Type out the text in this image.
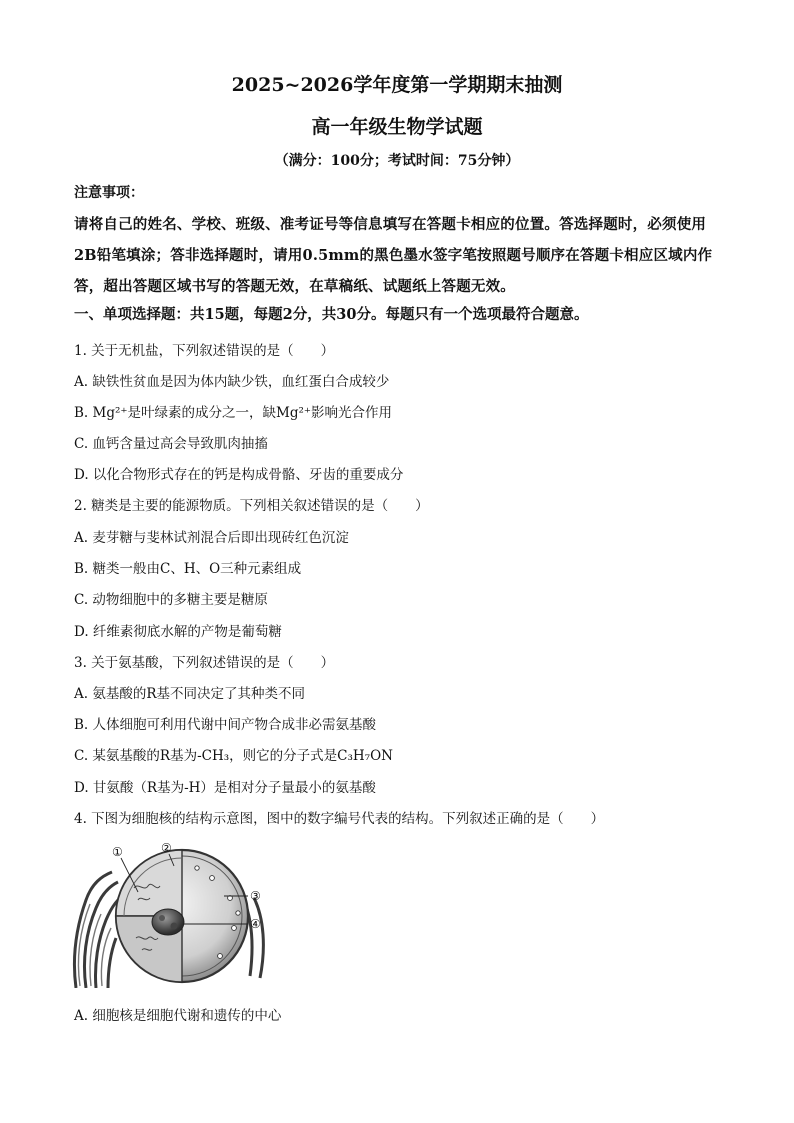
2025~2026学年度第一学期期末抽测
高一年级生物学试题
（满分：100分；考试时间：75分钟）
注意事项：
请将自己的姓名、学校、班级、准考证号等信息填写在答题卡相应的位置。答选择题时，必须使用2B铅笔填涂；答非选择题时，请用0.5mm的黑色墨水签字笔按照题号顺序在答题卡相应区域内作答，超出答题区域书写的答题无效，在草稿纸、试题纸上答题无效。
一、单项选择题：共15题，每题2分，共30分。每题只有一个选项最符合题意。
1. 关于无机盐，下列叙述错误的是（　　）
A. 缺铁性贫血是因为体内缺少铁，血红蛋白合成较少
B. Mg²⁺是叶绿素的成分之一，缺Mg²⁺影响光合作用
C. 血钙含量过高会导致肌肉抽搐
D. 以化合物形式存在的钙是构成骨骼、牙齿的重要成分
2. 糖类是主要的能源物质。下列相关叙述错误的是（　　）
A. 麦芽糖与斐林试剂混合后即出现砖红色沉淀
B. 糖类一般由C、H、O三种元素组成
C. 动物细胞中的多糖主要是糖原
D. 纤维素彻底水解的产物是葡萄糖
3. 关于氨基酸，下列叙述错误的是（　　）
A. 氨基酸的R基不同决定了其种类不同
B. 人体细胞可利用代谢中间产物合成非必需氨基酸
C. 某氨基酸的R基为-CH₃，则它的分子式是C₃H₇ON
D. 甘氨酸（R基为-H）是相对分子量最小的氨基酸
4. 下图为细胞核的结构示意图，图中的数字编号代表的结构。下列叙述正确的是（　　）
①	②
③
④
A. 细胞核是细胞代谢和遗传的中心
